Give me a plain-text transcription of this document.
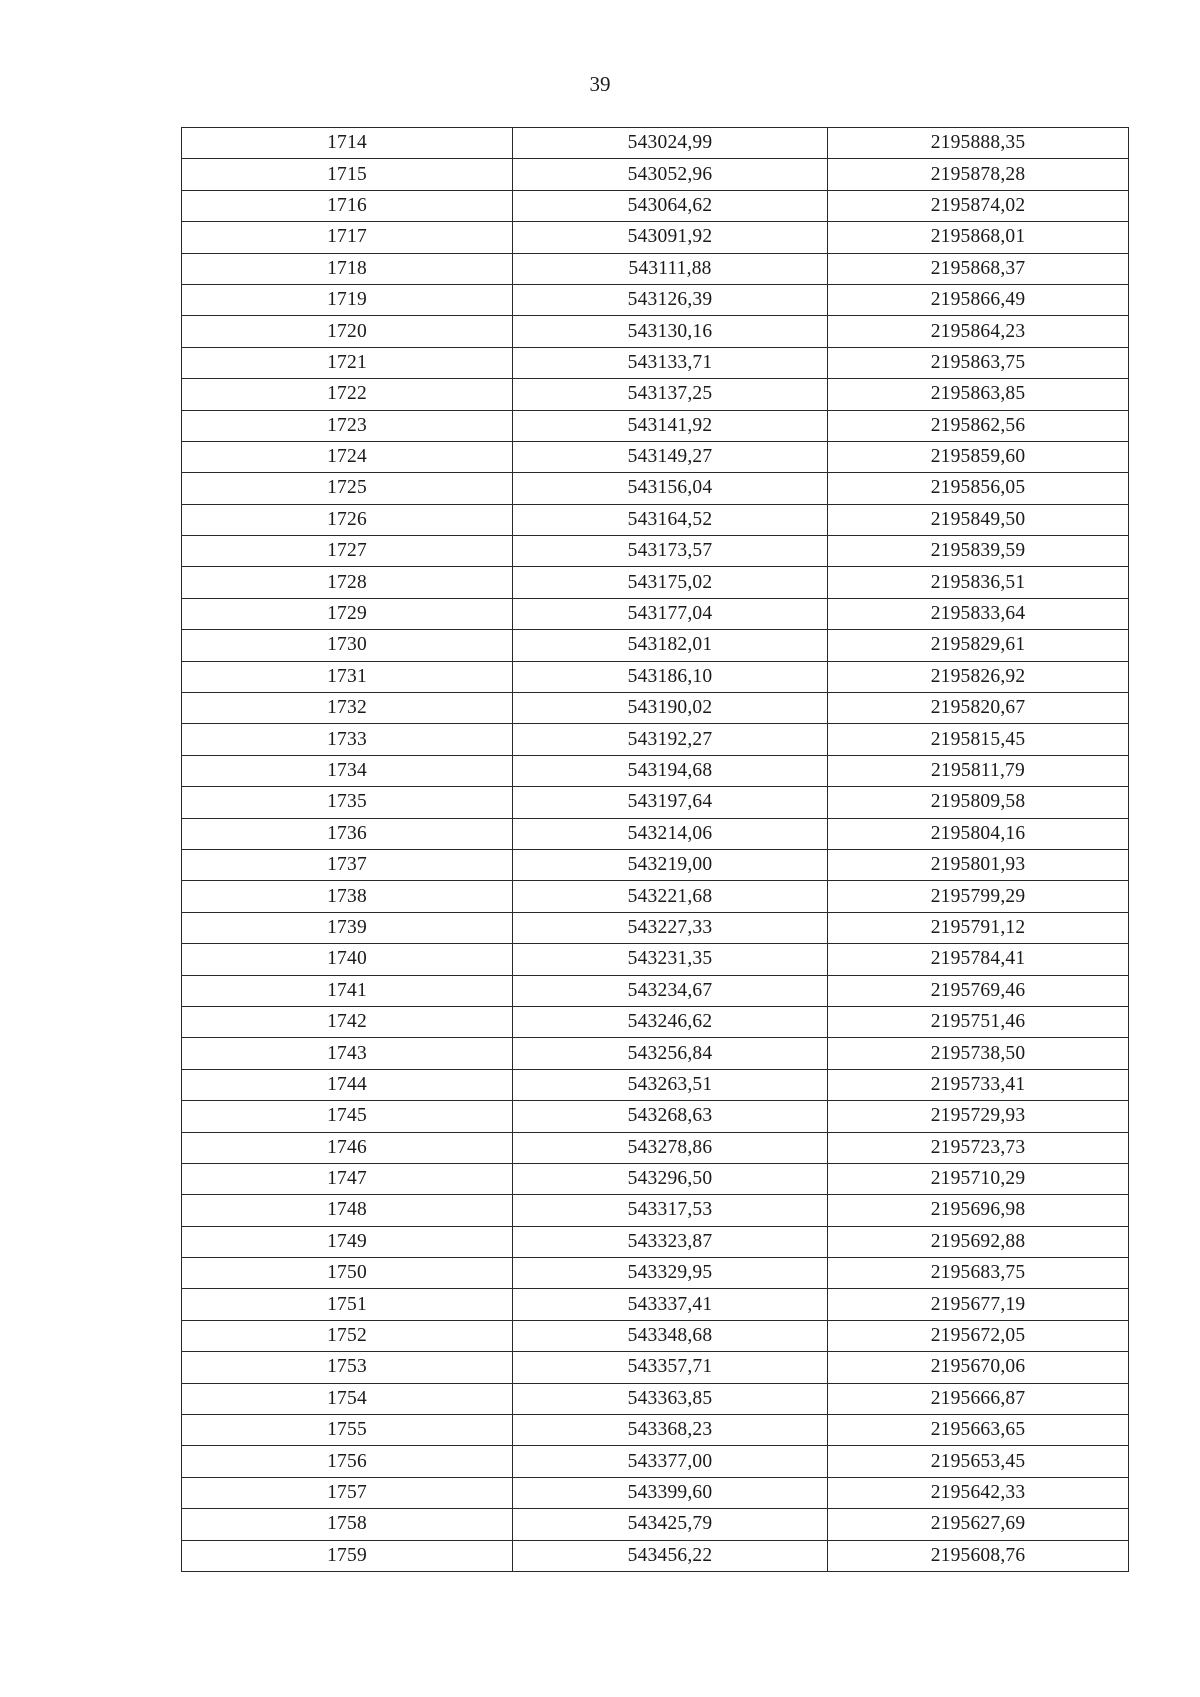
39
1714	543024,99	2195888,35
1715	543052,96	2195878,28
1716	543064,62	2195874,02
1717	543091,92	2195868,01
1718	543111,88	2195868,37
1719	543126,39	2195866,49
1720	543130,16	2195864,23
1721	543133,71	2195863,75
1722	543137,25	2195863,85
1723	543141,92	2195862,56
1724	543149,27	2195859,60
1725	543156,04	2195856,05
1726	543164,52	2195849,50
1727	543173,57	2195839,59
1728	543175,02	2195836,51
1729	543177,04	2195833,64
1730	543182,01	2195829,61
1731	543186,10	2195826,92
1732	543190,02	2195820,67
1733	543192,27	2195815,45
1734	543194,68	2195811,79
1735	543197,64	2195809,58
1736	543214,06	2195804,16
1737	543219,00	2195801,93
1738	543221,68	2195799,29
1739	543227,33	2195791,12
1740	543231,35	2195784,41
1741	543234,67	2195769,46
1742	543246,62	2195751,46
1743	543256,84	2195738,50
1744	543263,51	2195733,41
1745	543268,63	2195729,93
1746	543278,86	2195723,73
1747	543296,50	2195710,29
1748	543317,53	2195696,98
1749	543323,87	2195692,88
1750	543329,95	2195683,75
1751	543337,41	2195677,19
1752	543348,68	2195672,05
1753	543357,71	2195670,06
1754	543363,85	2195666,87
1755	543368,23	2195663,65
1756	543377,00	2195653,45
1757	543399,60	2195642,33
1758	543425,79	2195627,69
1759	543456,22	2195608,76
